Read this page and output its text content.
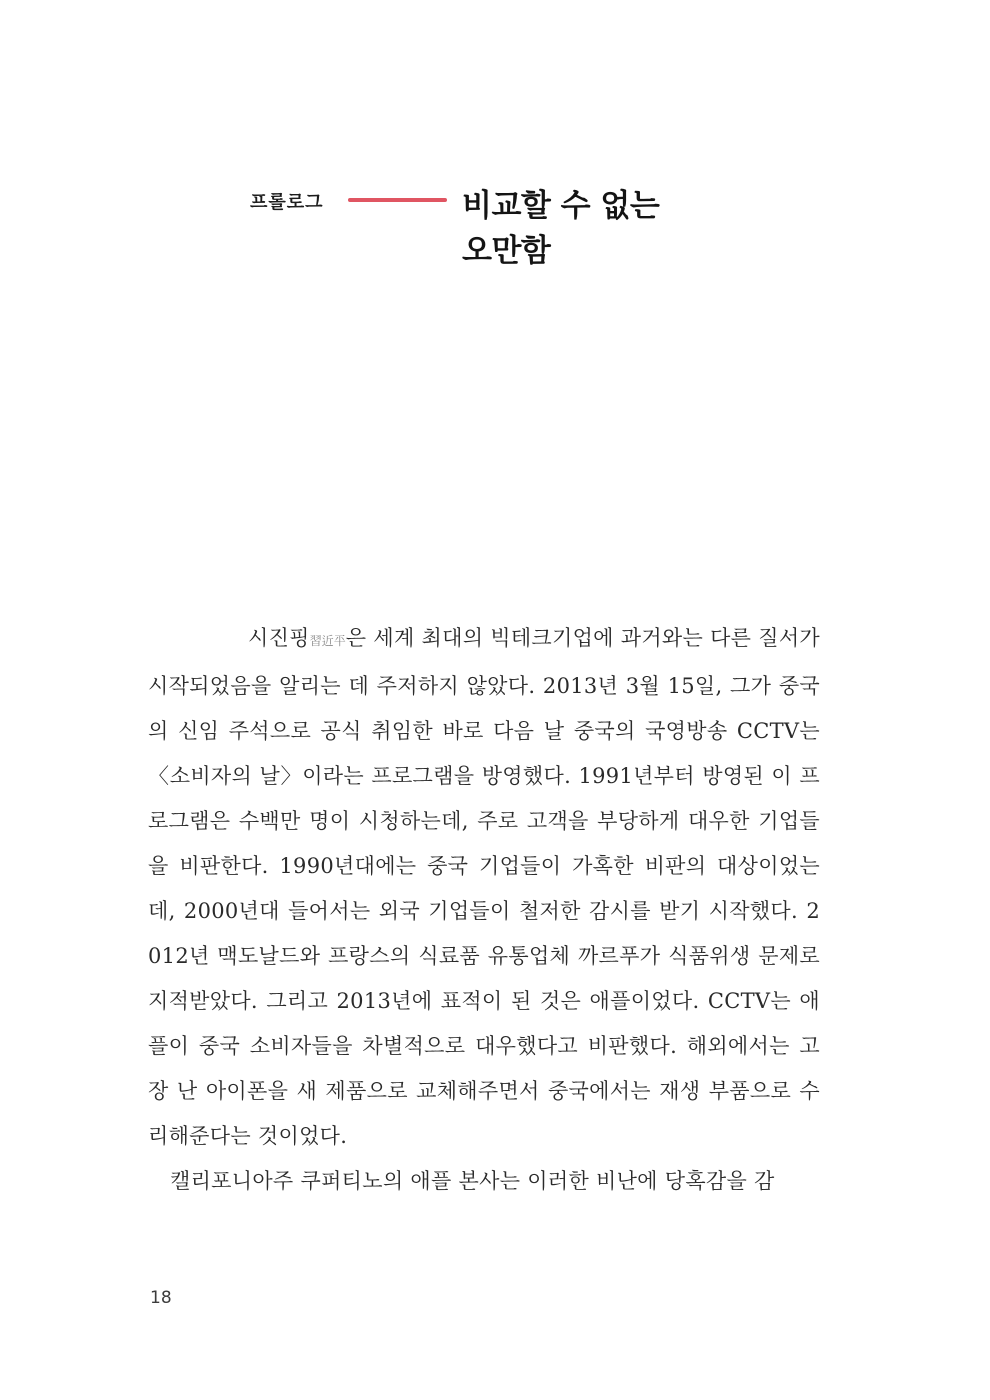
프롤로그	비교할 수 없는
오만함

시진핑習近平은 세계 최대의 빅테크기업에 과거와는 다른 질서가 시작되었음을 알리는 데 주저하지 않았다. 2013년 3월 15일, 그가 중국의 신임 주석으로 공식 취임한 바로 다음 날 중국의 국영방송 CCTV는 〈소비자의 날〉이라는 프로그램을 방영했다. 1991년부터 방영된 이 프로그램은 수백만 명이 시청하는데, 주로 고객을 부당하게 대우한 기업들을 비판한다. 1990년대에는 중국 기업들이 가혹한 비판의 대상이었는데, 2000년대 들어서는 외국 기업들이 철저한 감시를 받기 시작했다. 2012년 맥도날드와 프랑스의 식료품 유통업체 까르푸가 식품위생 문제로 지적받았다. 그리고 2013년에 표적이 된 것은 애플이었다. CCTV는 애플이 중국 소비자들을 차별적으로 대우했다고 비판했다. 해외에서는 고장 난 아이폰을 새 제품으로 교체해주면서 중국에서는 재생 부품으로 수리해준다는 것이었다.

캘리포니아주 쿠퍼티노의 애플 본사는 이러한 비난에 당혹감을 감

18
